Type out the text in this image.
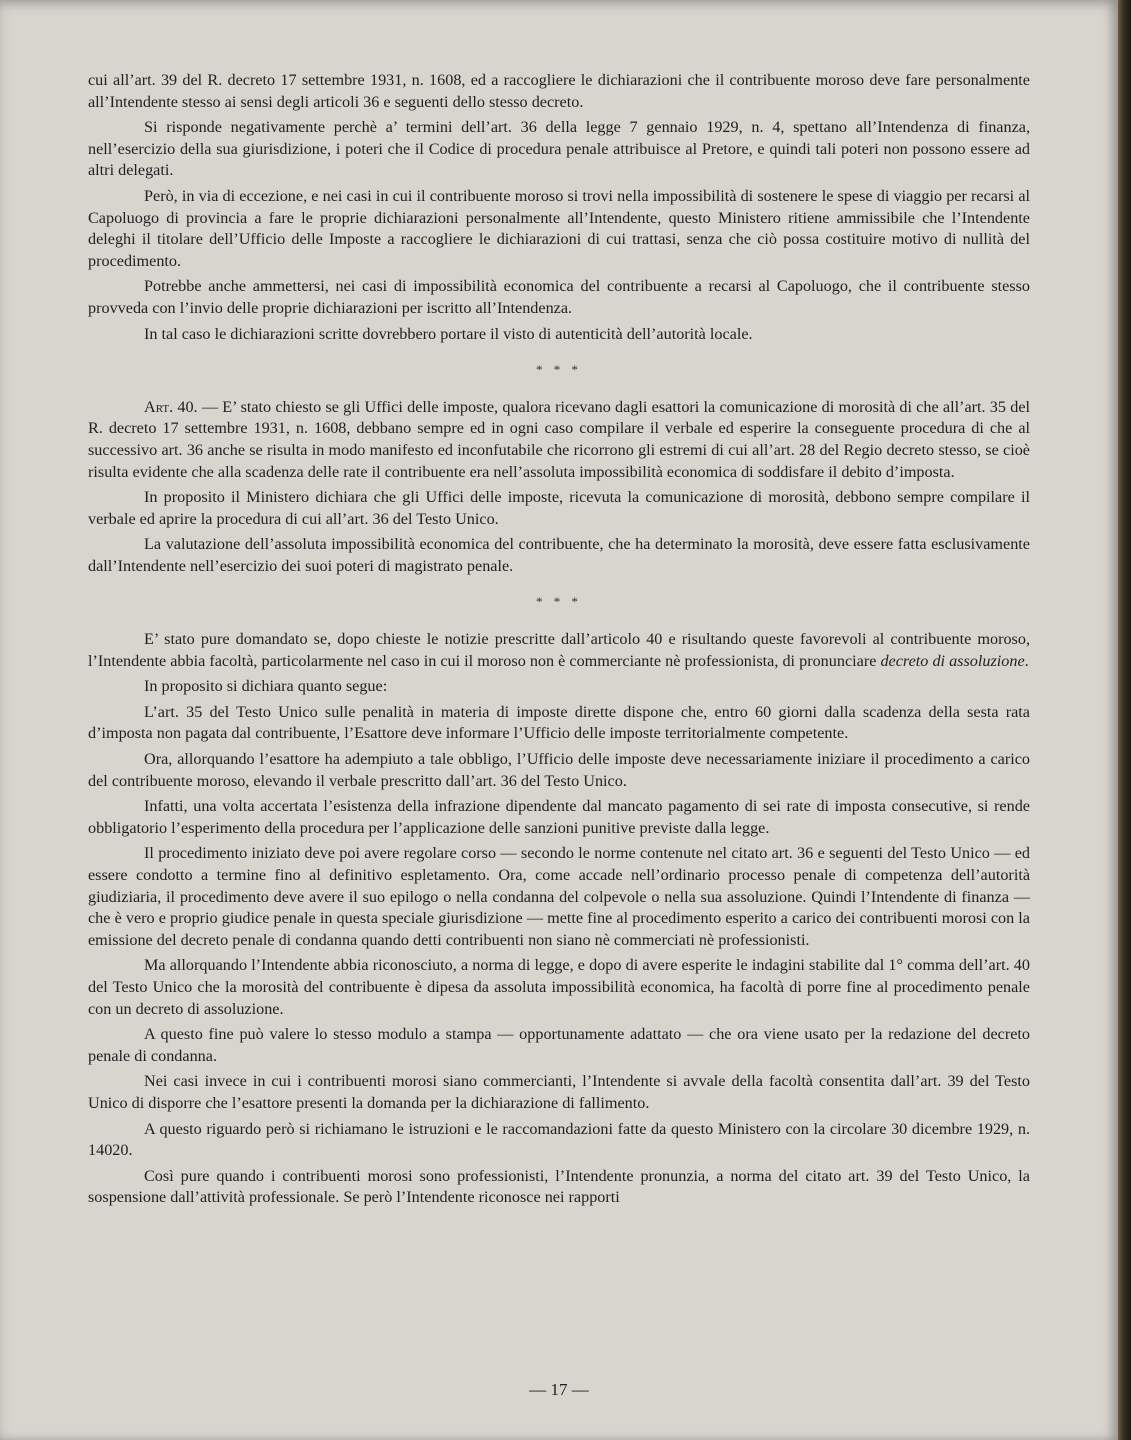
cui all’art. 39 del R. decreto 17 settembre 1931, n. 1608, ed a raccogliere le dichiarazioni che il contribuente moroso deve fare personalmente all’Intendente stesso ai sensi degli articoli 36 e seguenti dello stesso decreto.

Si risponde negativamente perchè a’ termini dell’art. 36 della legge 7 gennaio 1929, n. 4, spettano all’Intendenza di finanza, nell’esercizio della sua giurisdizione, i poteri che il Codice di procedura penale attribuisce al Pretore, e quindi tali poteri non possono essere ad altri delegati.

Però, in via di eccezione, e nei casi in cui il contribuente moroso si trovi nella impossibilità di sostenere le spese di viaggio per recarsi al Capoluogo di provincia a fare le proprie dichiarazioni personalmente all’Intendente, questo Ministero ritiene ammissibile che l’Intendente deleghi il titolare dell’Ufficio delle Imposte a raccogliere le dichiarazioni di cui trattasi, senza che ciò possa costituire motivo di nullità del procedimento.

Potrebbe anche ammettersi, nei casi di impossibilità economica del contribuente a recarsi al Capoluogo, che il contribuente stesso provveda con l’invio delle proprie dichiarazioni per iscritto all’Intendenza.

In tal caso le dichiarazioni scritte dovrebbero portare il visto di autenticità dell’autorità locale.

* * *

Art. 40. — E’ stato chiesto se gli Uffici delle imposte, qualora ricevano dagli esattori la comunicazione di morosità di che all’art. 35 del R. decreto 17 settembre 1931, n. 1608, debbano sempre ed in ogni caso compilare il verbale ed esperire la conseguente procedura di che al successivo art. 36 anche se risulta in modo manifesto ed inconfutabile che ricorrono gli estremi di cui all’art. 28 del Regio decreto stesso, se cioè risulta evidente che alla scadenza delle rate il contribuente era nell’assoluta impossibilità economica di soddisfare il debito d’imposta.

In proposito il Ministero dichiara che gli Uffici delle imposte, ricevuta la comunicazione di morosità, debbono sempre compilare il verbale ed aprire la procedura di cui all’art. 36 del Testo Unico.

La valutazione dell’assoluta impossibilità economica del contribuente, che ha determinato la morosità, deve essere fatta esclusivamente dall’Intendente nell’esercizio dei suoi poteri di magistrato penale.

* * *

E’ stato pure domandato se, dopo chieste le notizie prescritte dall’articolo 40 e risultando queste favorevoli al contribuente moroso, l’Intendente abbia facoltà, particolarmente nel caso in cui il moroso non è commerciante nè professionista, di pronunciare decreto di assoluzione.

In proposito si dichiara quanto segue:

L’art. 35 del Testo Unico sulle penalità in materia di imposte dirette dispone che, entro 60 giorni dalla scadenza della sesta rata d’imposta non pagata dal contribuente, l’Esattore deve informare l’Ufficio delle imposte territorialmente competente.

Ora, allorquando l’esattore ha adempiuto a tale obbligo, l’Ufficio delle imposte deve necessariamente iniziare il procedimento a carico del contribuente moroso, elevando il verbale prescritto dall’art. 36 del Testo Unico.

Infatti, una volta accertata l’esistenza della infrazione dipendente dal mancato pagamento di sei rate di imposta consecutive, si rende obbligatorio l’esperimento della procedura per l’applicazione delle sanzioni punitive previste dalla legge.

Il procedimento iniziato deve poi avere regolare corso — secondo le norme contenute nel citato art. 36 e seguenti del Testo Unico — ed essere condotto a termine fino al definitivo espletamento. Ora, come accade nell’ordinario processo penale di competenza dell’autorità giudiziaria, il procedimento deve avere il suo epilogo o nella condanna del colpevole o nella sua assoluzione. Quindi l’Intendente di finanza — che è vero e proprio giudice penale in questa speciale giurisdizione — mette fine al procedimento esperito a carico dei contribuenti morosi con la emissione del decreto penale di condanna quando detti contribuenti non siano nè commerciati nè professionisti.

Ma allorquando l’Intendente abbia riconosciuto, a norma di legge, e dopo di avere esperite le indagini stabilite dal 1° comma dell’art. 40 del Testo Unico che la morosità del contribuente è dipesa da assoluta impossibilità economica, ha facoltà di porre fine al procedimento penale con un decreto di assoluzione.

A questo fine può valere lo stesso modulo a stampa — opportunamente adattato — che ora viene usato per la redazione del decreto penale di condanna.

Nei casi invece in cui i contribuenti morosi siano commercianti, l’Intendente si avvale della facoltà consentita dall’art. 39 del Testo Unico di disporre che l’esattore presenti la domanda per la dichiarazione di fallimento.

A questo riguardo però si richiamano le istruzioni e le raccomandazioni fatte da questo Ministero con la circolare 30 dicembre 1929, n. 14020.

Così pure quando i contribuenti morosi sono professionisti, l’Intendente pronunzia, a norma del citato art. 39 del Testo Unico, la sospensione dall’attività professionale. Se però l’Intendente riconosce nei rapporti

— 17 —
